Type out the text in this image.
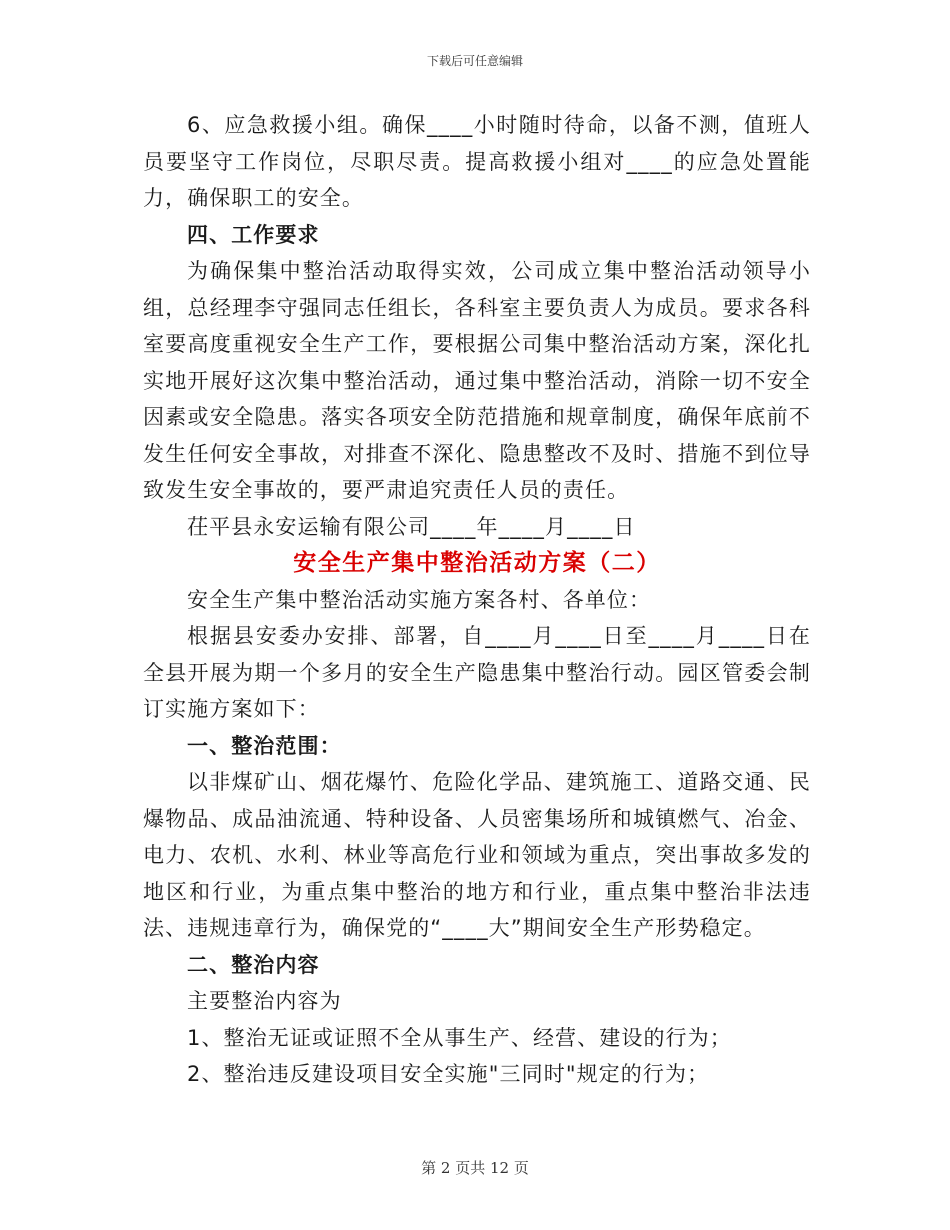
下载后可任意编辑

6、应急救援小组。确保____小时随时待命，以备不测，值班人员要坚守工作岗位，尽职尽责。提高救援小组对____的应急处置能力，确保职工的安全。

四、工作要求

为确保集中整治活动取得实效，公司成立集中整治活动领导小组，总经理李守强同志任组长，各科室主要负责人为成员。要求各科室要高度重视安全生产工作，要根据公司集中整治活动方案，深化扎实地开展好这次集中整治活动，通过集中整治活动，消除一切不安全因素或安全隐患。落实各项安全防范措施和规章制度，确保年底前不发生任何安全事故，对排查不深化、隐患整改不及时、措施不到位导致发生安全事故的，要严肃追究责任人员的责任。

茌平县永安运输有限公司____年____月____日

安全生产集中整治活动方案（二）

安全生产集中整治活动实施方案各村、各单位：

根据县安委办安排、部署，自____月____日至____月____日在全县开展为期一个多月的安全生产隐患集中整治行动。园区管委会制订实施方案如下：

一、整治范围：

以非煤矿山、烟花爆竹、危险化学品、建筑施工、道路交通、民爆物品、成品油流通、特种设备、人员密集场所和城镇燃气、冶金、电力、农机、水利、林业等高危行业和领域为重点，突出事故多发的地区和行业，为重点集中整治的地方和行业，重点集中整治非法违法、违规违章行为，确保党的“____大”期间安全生产形势稳定。

二、整治内容

主要整治内容为

1、整治无证或证照不全从事生产、经营、建设的行为；

2、整治违反建设项目安全实施"三同时"规定的行为；

第 2 页共 12 页
